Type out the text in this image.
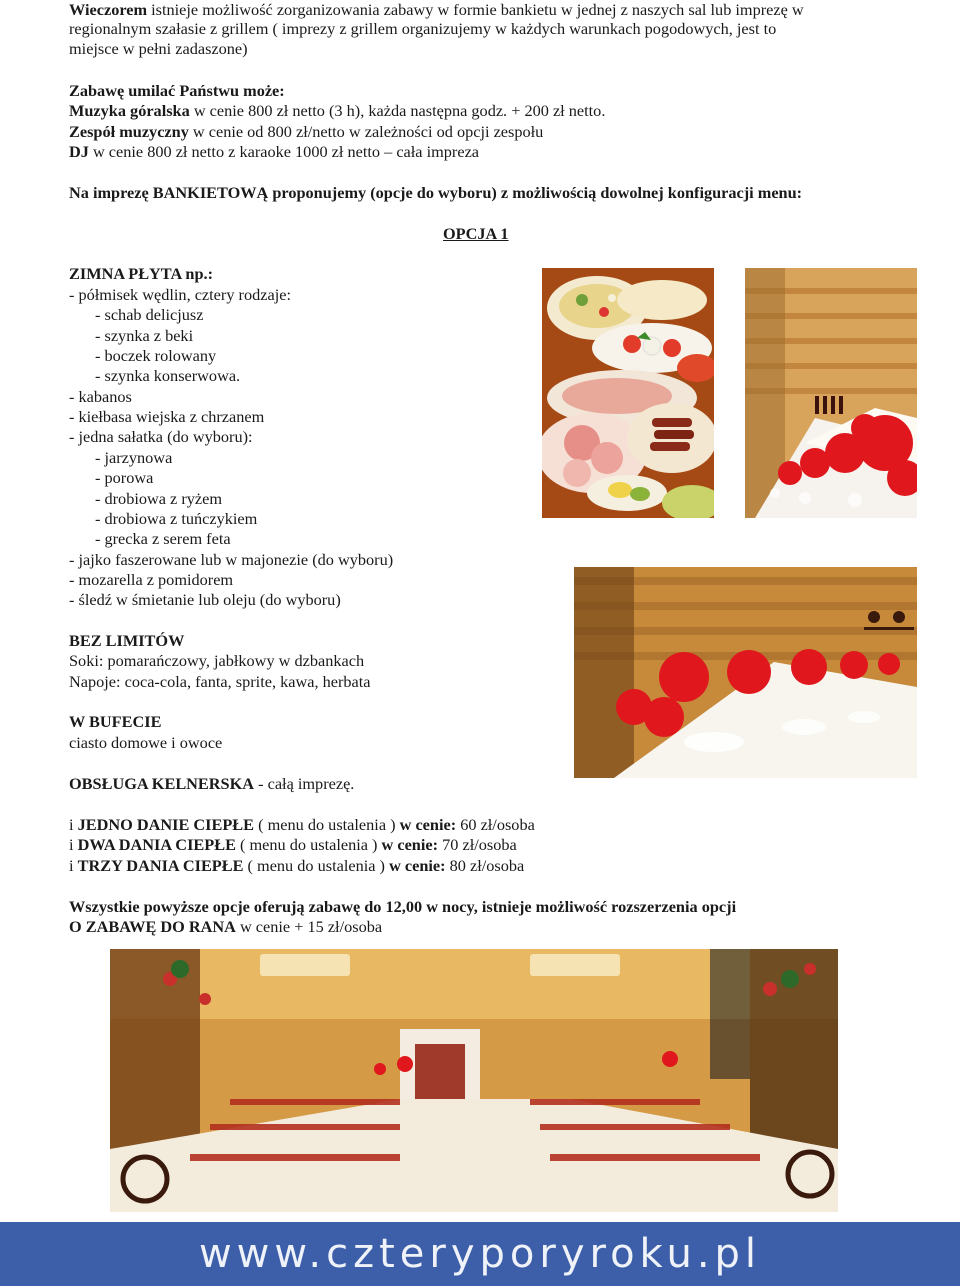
Wieczorem istnieje możliwość zorganizowania zabawy w formie bankietu w jednej z naszych sal lub imprezę w
regionalnym szałasie z grillem ( imprezy z grillem organizujemy w każdych warunkach pogodowych, jest to
miejsce w pełni zadaszone)
Zabawę umilać Państwu może:
Muzyka góralska w cenie 800 zł netto (3 h), każda następna godz. + 200 zł netto.
Zespół muzyczny w cenie od 800 zł/netto w zależności od opcji zespołu
DJ w cenie 800 zł netto z karaoke 1000 zł netto – cała impreza
Na imprezę BANKIETOWĄ proponujemy (opcje do wyboru) z możliwością dowolnej konfiguracji menu:
OPCJA 1
ZIMNA PŁYTA np.:
- półmisek wędlin, cztery rodzaje:
- schab delicjusz
- szynka z beki
- boczek rolowany
- szynka konserwowa.
- kabanos
- kiełbasa wiejska z chrzanem
- jedna sałatka (do wyboru):
- jarzynowa
- porowa
- drobiowa z ryżem
- drobiowa z tuńczykiem
- grecka z serem feta
- jajko faszerowane lub w majonezie (do wyboru)
- mozarella z pomidorem
- śledź w śmietanie lub oleju (do wyboru)
BEZ LIMITÓW
Soki: pomarańczowy, jabłkowy w dzbankach
Napoje: coca-cola, fanta, sprite, kawa, herbata
W BUFECIE
ciasto domowe i owoce
OBSŁUGA KELNERSKA - całą imprezę.
i JEDNO DANIE CIEPŁE ( menu do ustalenia ) w cenie: 60 zł/osoba
i DWA DANIA CIEPŁE ( menu do ustalenia ) w cenie: 70 zł/osoba
i TRZY DANIA CIEPŁE ( menu do ustalenia ) w cenie: 80 zł/osoba
Wszystkie powyższe opcje oferują zabawę do 12,00 w nocy, istnieje możliwość rozszerzenia opcji
O ZABAWĘ DO RANA w cenie + 15 zł/osoba
www.czteryporyroku.pl
